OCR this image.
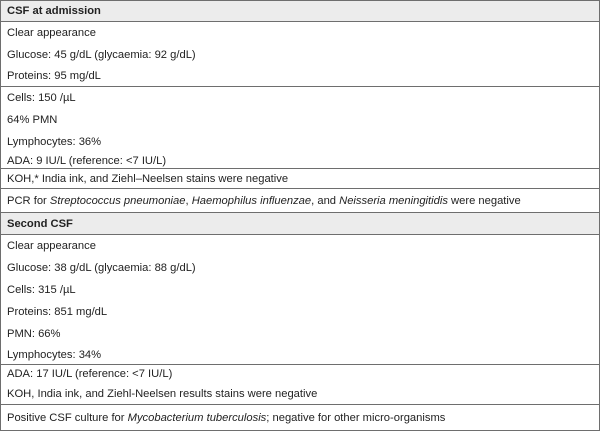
CSF at admission
Clear appearance
Glucose: 45 g/dL (glycaemia: 92 g/dL)
Proteins: 95 mg/dL
Cells: 150 /µL
64% PMN
Lymphocytes: 36%
ADA: 9 IU/L (reference: <7 IU/L)
KOH,* India ink, and Ziehl–Neelsen stains were negative
PCR for Streptococcus pneumoniae, Haemophilus influenzae, and Neisseria meningitidis were negative
Second CSF
Clear appearance
Glucose: 38 g/dL (glycaemia: 88 g/dL)
Cells: 315 /µL
Proteins: 851 mg/dL
PMN: 66%
Lymphocytes: 34%
ADA: 17 IU/L (reference: <7 IU/L)
KOH, India ink, and Ziehl-Neelsen results stains were negative
Positive CSF culture for Mycobacterium tuberculosis; negative for other micro-organisms
